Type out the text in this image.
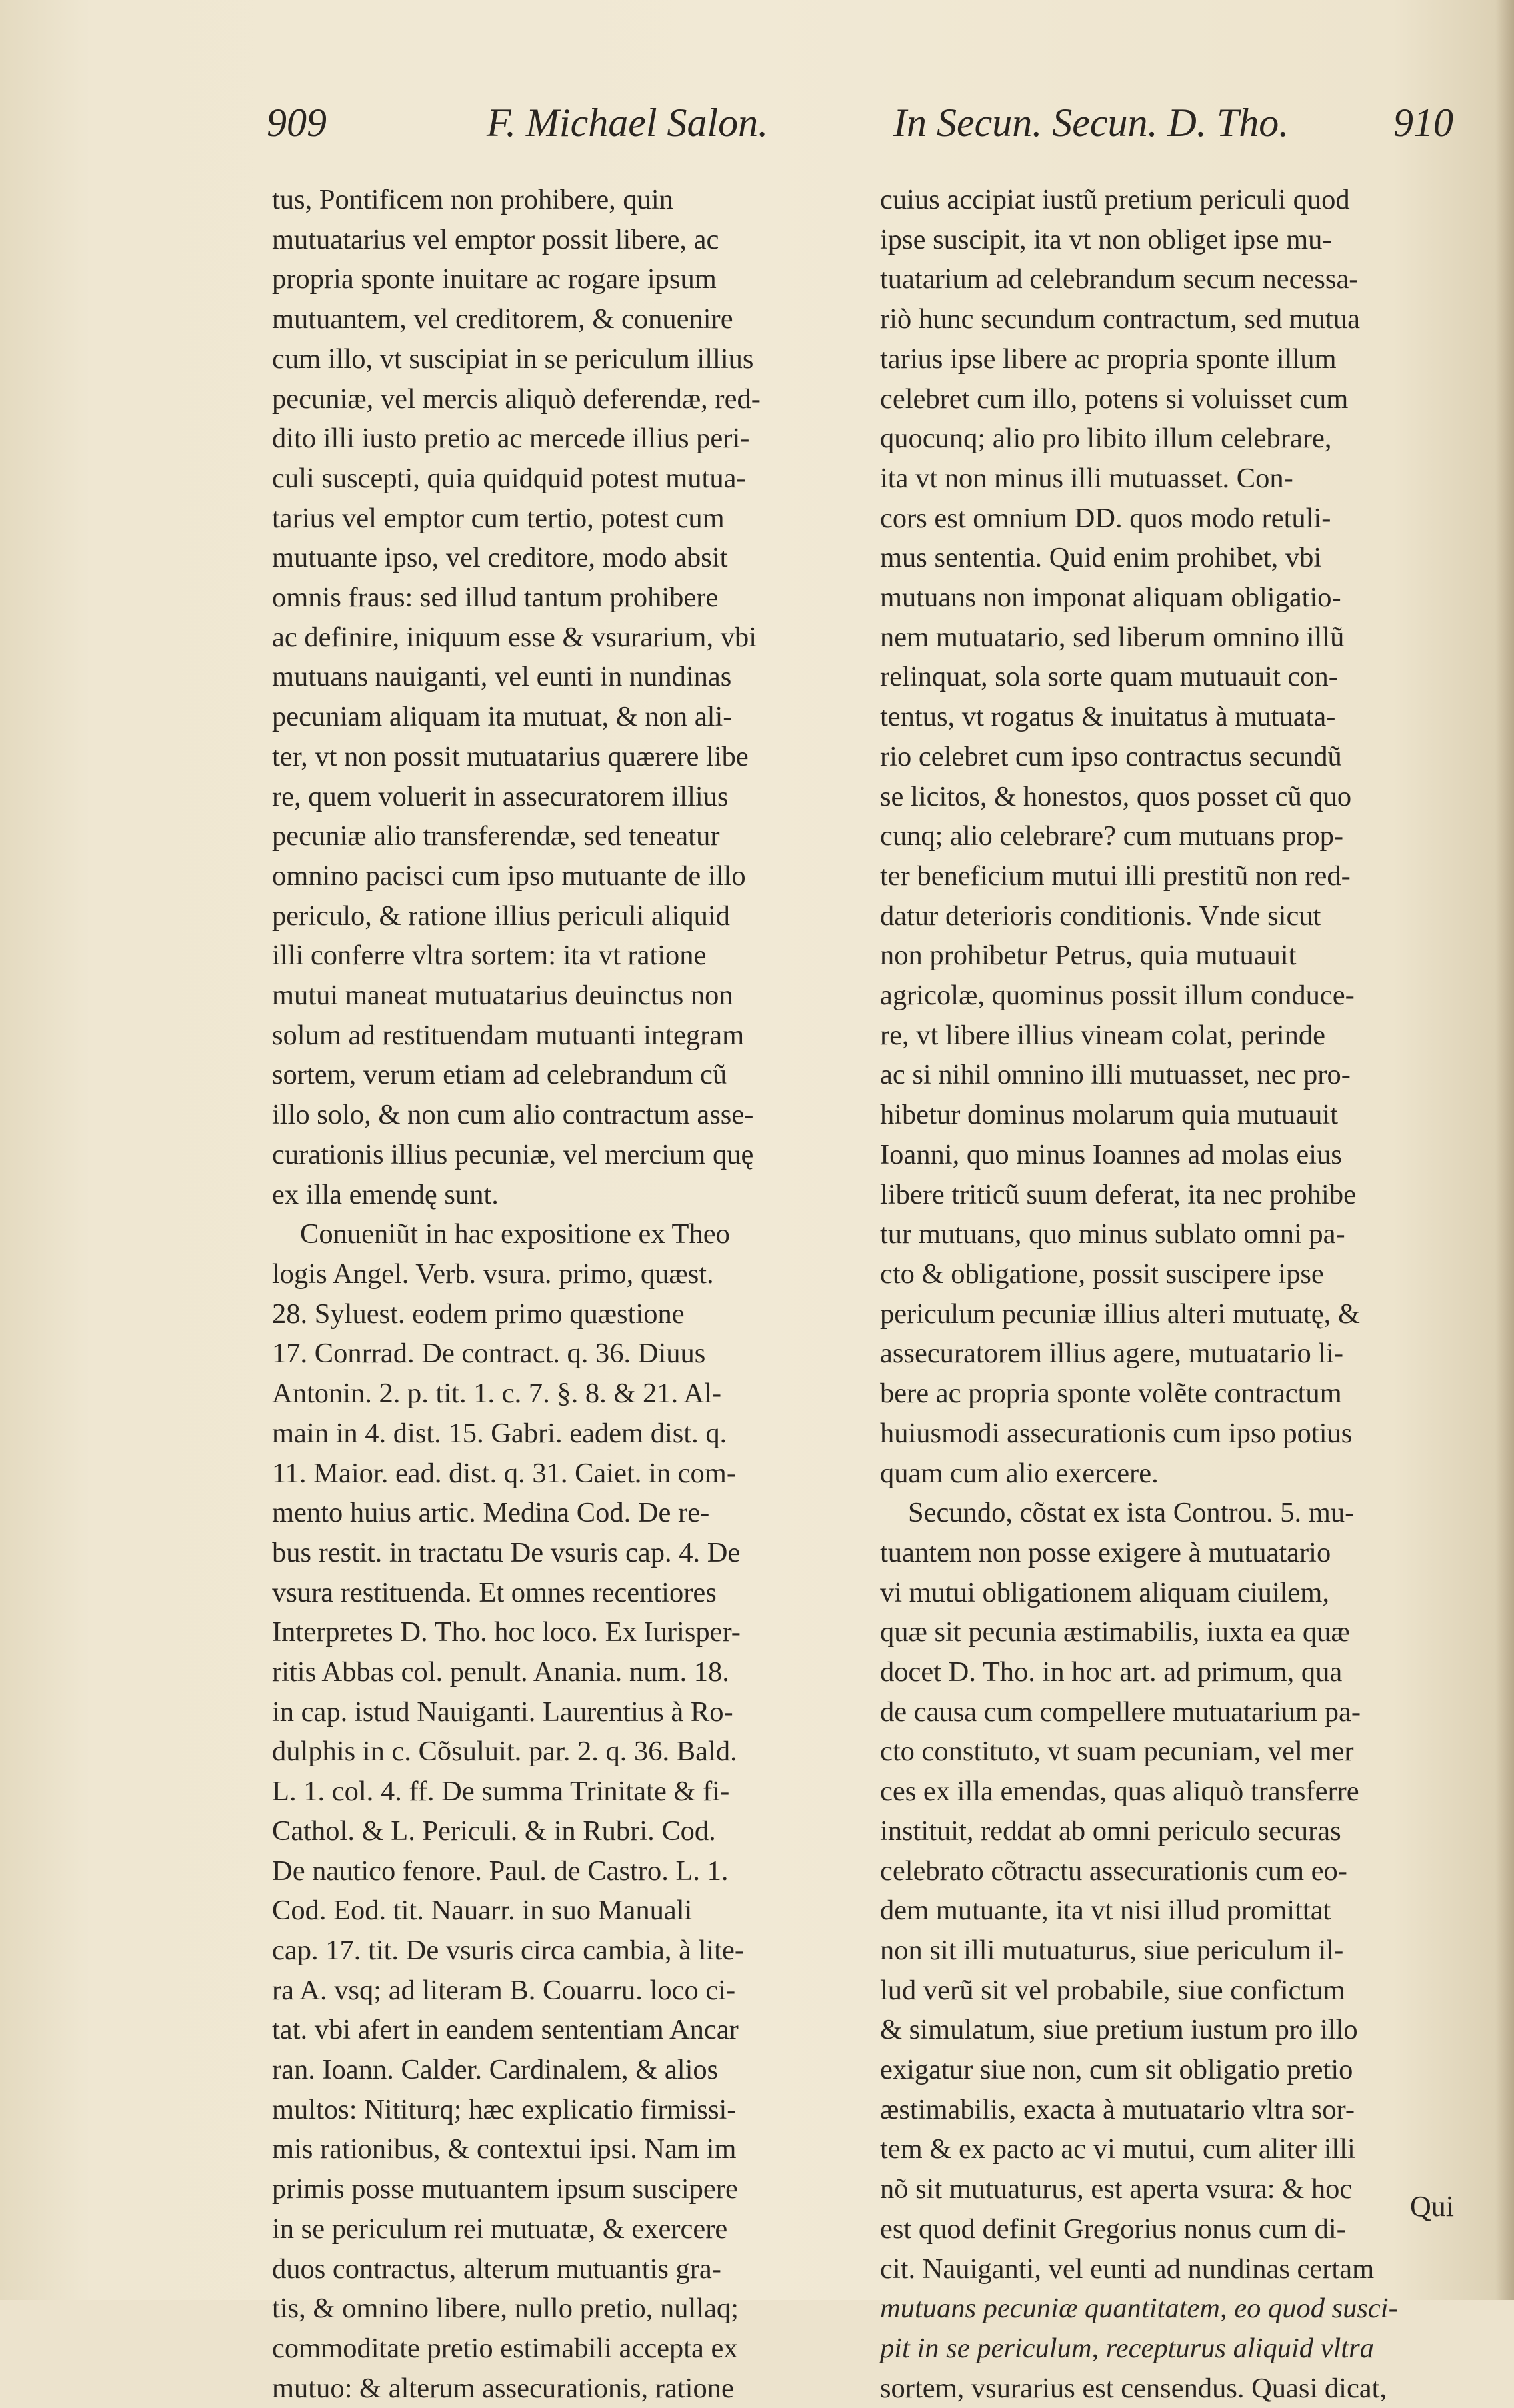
909	F. Michael Salon.	In Secun. Secun. D. Tho.	910
tus, Pontificem non prohibere, quin
mutuatarius vel emptor possit libere, ac
propria sponte inuitare ac rogare ipsum
mutuantem, vel creditorem, & conuenire
cum illo, vt suscipiat in se periculum illius
pecuniæ, vel mercis aliquò deferendæ, red-
dito illi iusto pretio ac mercede illius peri-
culi suscepti, quia quidquid potest mutua-
tarius vel emptor cum tertio, potest cum
mutuante ipso, vel creditore, modo absit
omnis fraus: sed illud tantum prohibere
ac definire, iniquum esse & vsurarium, vbi
mutuans nauiganti, vel eunti in nundinas
pecuniam aliquam ita mutuat, & non ali-
ter, vt non possit mutuatarius quærere libe
re, quem voluerit in assecuratorem illius
pecuniæ alio transferendæ, sed teneatur
omnino pacisci cum ipso mutuante de illo
periculo, & ratione illius periculi aliquid
illi conferre vltra sortem: ita vt ratione
mutui maneat mutuatarius deuinctus non
solum ad restituendam mutuanti integram
sortem, verum etiam ad celebrandum cũ
illo solo, & non cum alio contractum asse-
curationis illius pecuniæ, vel mercium quę
ex illa emendę sunt.
Conueniũt in hac expositione ex Theo
logis Angel. Verb. vsura. primo, quæst.
28. Syluest. eodem primo quæstione
17. Conrrad. De contract. q. 36. Diuus
Antonin. 2. p. tit. 1. c. 7. §. 8. & 21. Al-
main in 4. dist. 15. Gabri. eadem dist. q.
11. Maior. ead. dist. q. 31. Caiet. in com-
mento huius artic. Medina Cod. De re-
bus restit. in tractatu De vsuris cap. 4. De
vsura restituenda. Et omnes recentiores
Interpretes D. Tho. hoc loco. Ex Iurisper-
ritis Abbas col. penult. Anania. num. 18.
in cap. istud Nauiganti. Laurentius à Ro-
dulphis in c. Cõsuluit. par. 2. q. 36. Bald.
L. 1. col. 4. ff. De summa Trinitate & fi-
Cathol. & L. Periculi. & in Rubri. Cod.
De nautico fenore. Paul. de Castro. L. 1.
Cod. Eod. tit. Nauarr. in suo Manuali
cap. 17. tit. De vsuris circa cambia, à lite-
ra A. vsq; ad literam B. Couarru. loco ci-
tat. vbi afert in eandem sententiam Ancar
ran. Ioann. Calder. Cardinalem, & alios
multos: Nititurq; hæc explicatio firmissi-
mis rationibus, & contextui ipsi. Nam im
primis posse mutuantem ipsum suscipere
in se periculum rei mutuatæ, & exercere
duos contractus, alterum mutuantis gra-
tis, & omnino libere, nullo pretio, nullaq;
commoditate pretio estimabili accepta ex
mutuo: & alterum assecurationis, ratione
cuius accipiat iustũ pretium periculi quod
ipse suscipit, ita vt non obliget ipse mu-
tuatarium ad celebrandum secum necessa-
riò hunc secundum contractum, sed mutua
tarius ipse libere ac propria sponte illum
celebret cum illo, potens si voluisset cum
quocunq; alio pro libito illum celebrare,
ita vt non minus illi mutuasset. Con-
cors est omnium DD. quos modo retuli-
mus sententia. Quid enim prohibet, vbi
mutuans non imponat aliquam obligatio-
nem mutuatario, sed liberum omnino illũ
relinquat, sola sorte quam mutuauit con-
tentus, vt rogatus & inuitatus à mutuata-
rio celebret cum ipso contractus secundũ
se licitos, & honestos, quos posset cũ quo
cunq; alio celebrare? cum mutuans prop-
ter beneficium mutui illi prestitũ non red-
datur deterioris conditionis. Vnde sicut
non prohibetur Petrus, quia mutuauit
agricolæ, quominus possit illum conduce-
re, vt libere illius vineam colat, perinde
ac si nihil omnino illi mutuasset, nec pro-
hibetur dominus molarum quia mutuauit
Ioanni, quo minus Ioannes ad molas eius
libere triticũ suum deferat, ita nec prohibe
tur mutuans, quo minus sublato omni pa-
cto & obligatione, possit suscipere ipse
periculum pecuniæ illius alteri mutuatę, &
assecuratorem illius agere, mutuatario li-
bere ac propria sponte volẽte contractum
huiusmodi assecurationis cum ipso potius
quam cum alio exercere.
Secundo, cõstat ex ista Controu. 5. mu-
tuantem non posse exigere à mutuatario
vi mutui obligationem aliquam ciuilem,
quæ sit pecunia æstimabilis, iuxta ea quæ
docet D. Tho. in hoc art. ad primum, qua
de causa cum compellere mutuatarium pa-
cto constituto, vt suam pecuniam, vel mer
ces ex illa emendas, quas aliquò transferre
instituit, reddat ab omni periculo securas
celebrato cõtractu assecurationis cum eo-
dem mutuante, ita vt nisi illud promittat
non sit illi mutuaturus, siue periculum il-
lud verũ sit vel probabile, siue confictum
& simulatum, siue pretium iustum pro illo
exigatur siue non, cum sit obligatio pretio
æstimabilis, exacta à mutuatario vltra sor-
tem & ex pacto ac vi mutui, cum aliter illi
nõ sit mutuaturus, est aperta vsura: & hoc
est quod definit Gregorius nonus cum di-
cit. Nauiganti, vel eunti ad nundinas certam
mutuans pecuniæ quantitatem, eo quod susci-
pit in se periculum, recepturus aliquid vltra
sortem, vsurarius est censendus. Quasi dicat,
Qui
